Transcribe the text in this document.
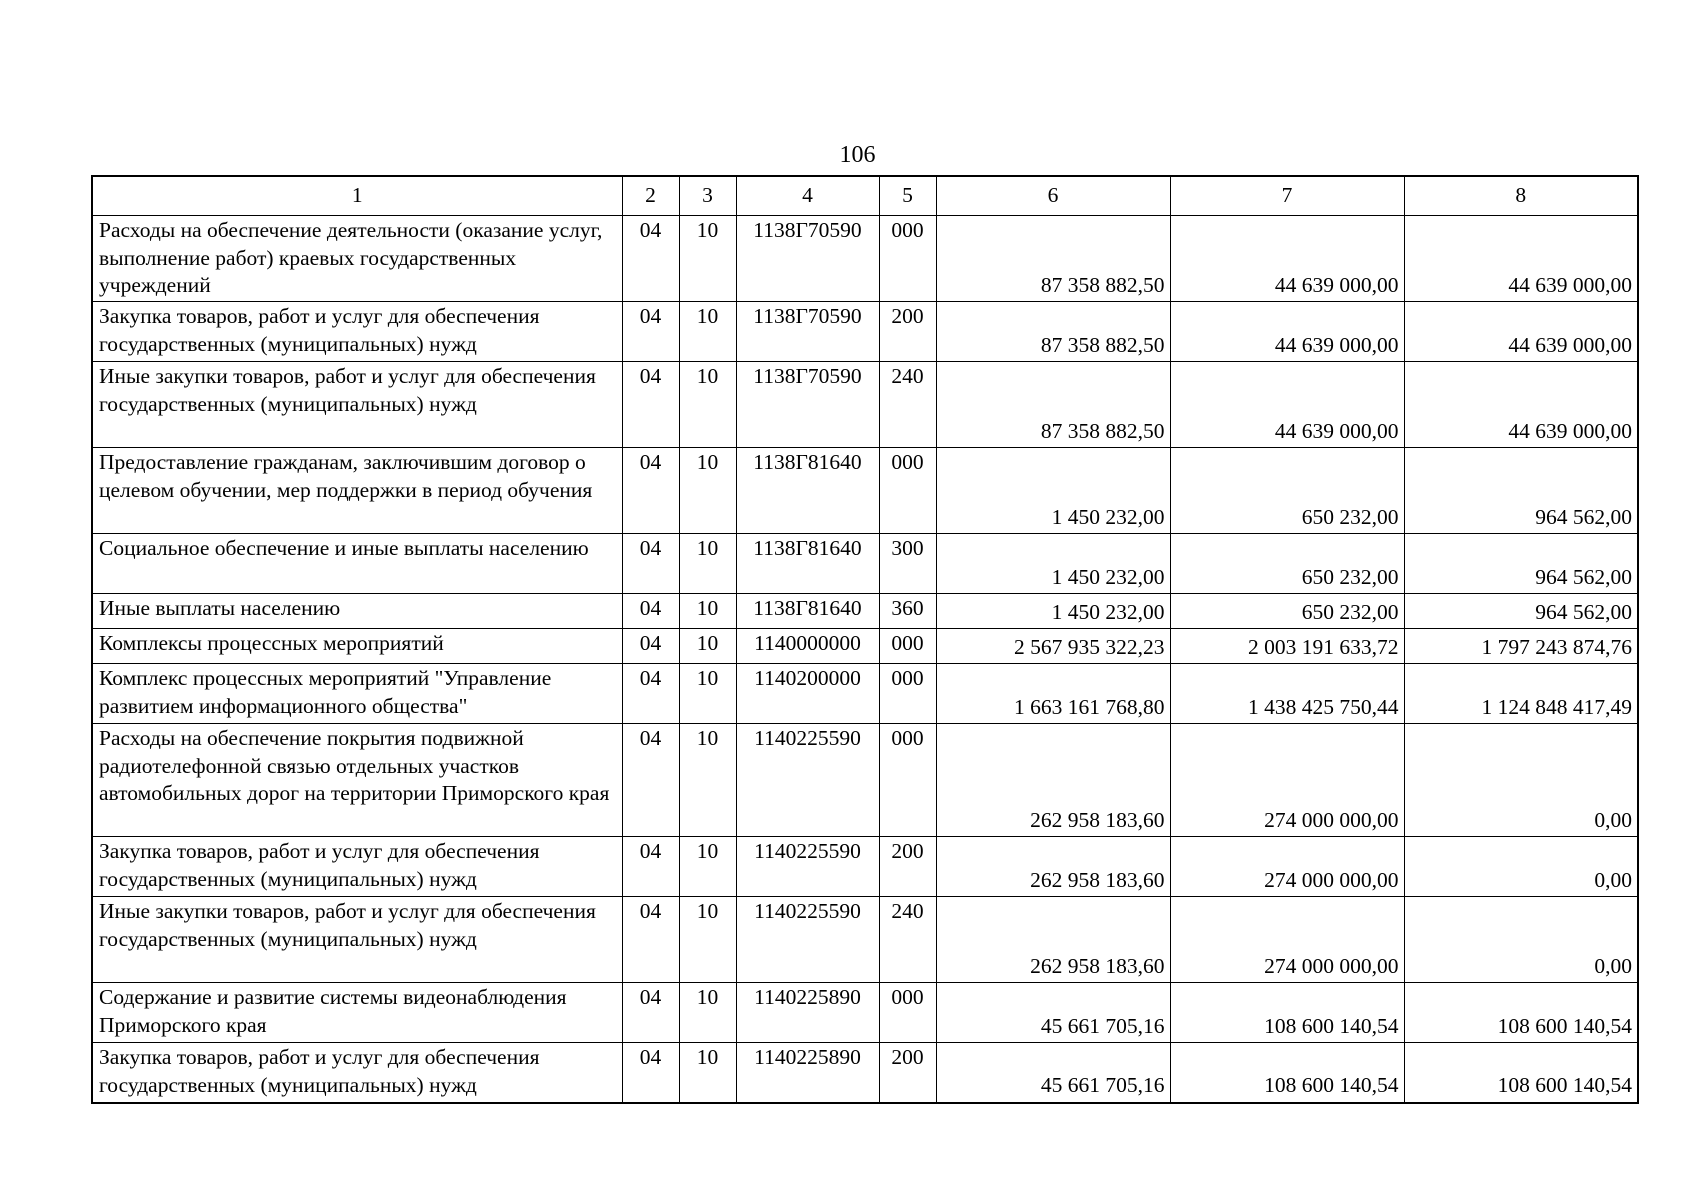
106
1	2	3	4	5	6	7	8
Расходы на обеспечение деятельности (оказание услуг, выполнение работ) краевых государственных учреждений	04	10	1138Г70590	000	87 358 882,50	44 639 000,00	44 639 000,00
Закупка товаров, работ и услуг для обеспечения государственных (муниципальных) нужд	04	10	1138Г70590	200	87 358 882,50	44 639 000,00	44 639 000,00
Иные закупки товаров, работ и услуг для обеспечения государственных (муниципальных) нужд	04	10	1138Г70590	240	87 358 882,50	44 639 000,00	44 639 000,00
Предоставление гражданам, заключившим договор о целевом обучении, мер поддержки в период обучения	04	10	1138Г81640	000	1 450 232,00	650 232,00	964 562,00
Социальное обеспечение и иные выплаты населению	04	10	1138Г81640	300	1 450 232,00	650 232,00	964 562,00
Иные выплаты населению	04	10	1138Г81640	360	1 450 232,00	650 232,00	964 562,00
Комплексы процессных мероприятий	04	10	1140000000	000	2 567 935 322,23	2 003 191 633,72	1 797 243 874,76
Комплекс процессных мероприятий "Управление развитием информационного общества"	04	10	1140200000	000	1 663 161 768,80	1 438 425 750,44	1 124 848 417,49
Расходы на обеспечение покрытия подвижной радиотелефонной связью отдельных участков автомобильных дорог на территории Приморского края	04	10	1140225590	000	262 958 183,60	274 000 000,00	0,00
Закупка товаров, работ и услуг для обеспечения государственных (муниципальных) нужд	04	10	1140225590	200	262 958 183,60	274 000 000,00	0,00
Иные закупки товаров, работ и услуг для обеспечения государственных (муниципальных) нужд	04	10	1140225590	240	262 958 183,60	274 000 000,00	0,00
Содержание и развитие системы видеонаблюдения Приморского края	04	10	1140225890	000	45 661 705,16	108 600 140,54	108 600 140,54
Закупка товаров, работ и услуг для обеспечения государственных (муниципальных) нужд	04	10	1140225890	200	45 661 705,16	108 600 140,54	108 600 140,54
